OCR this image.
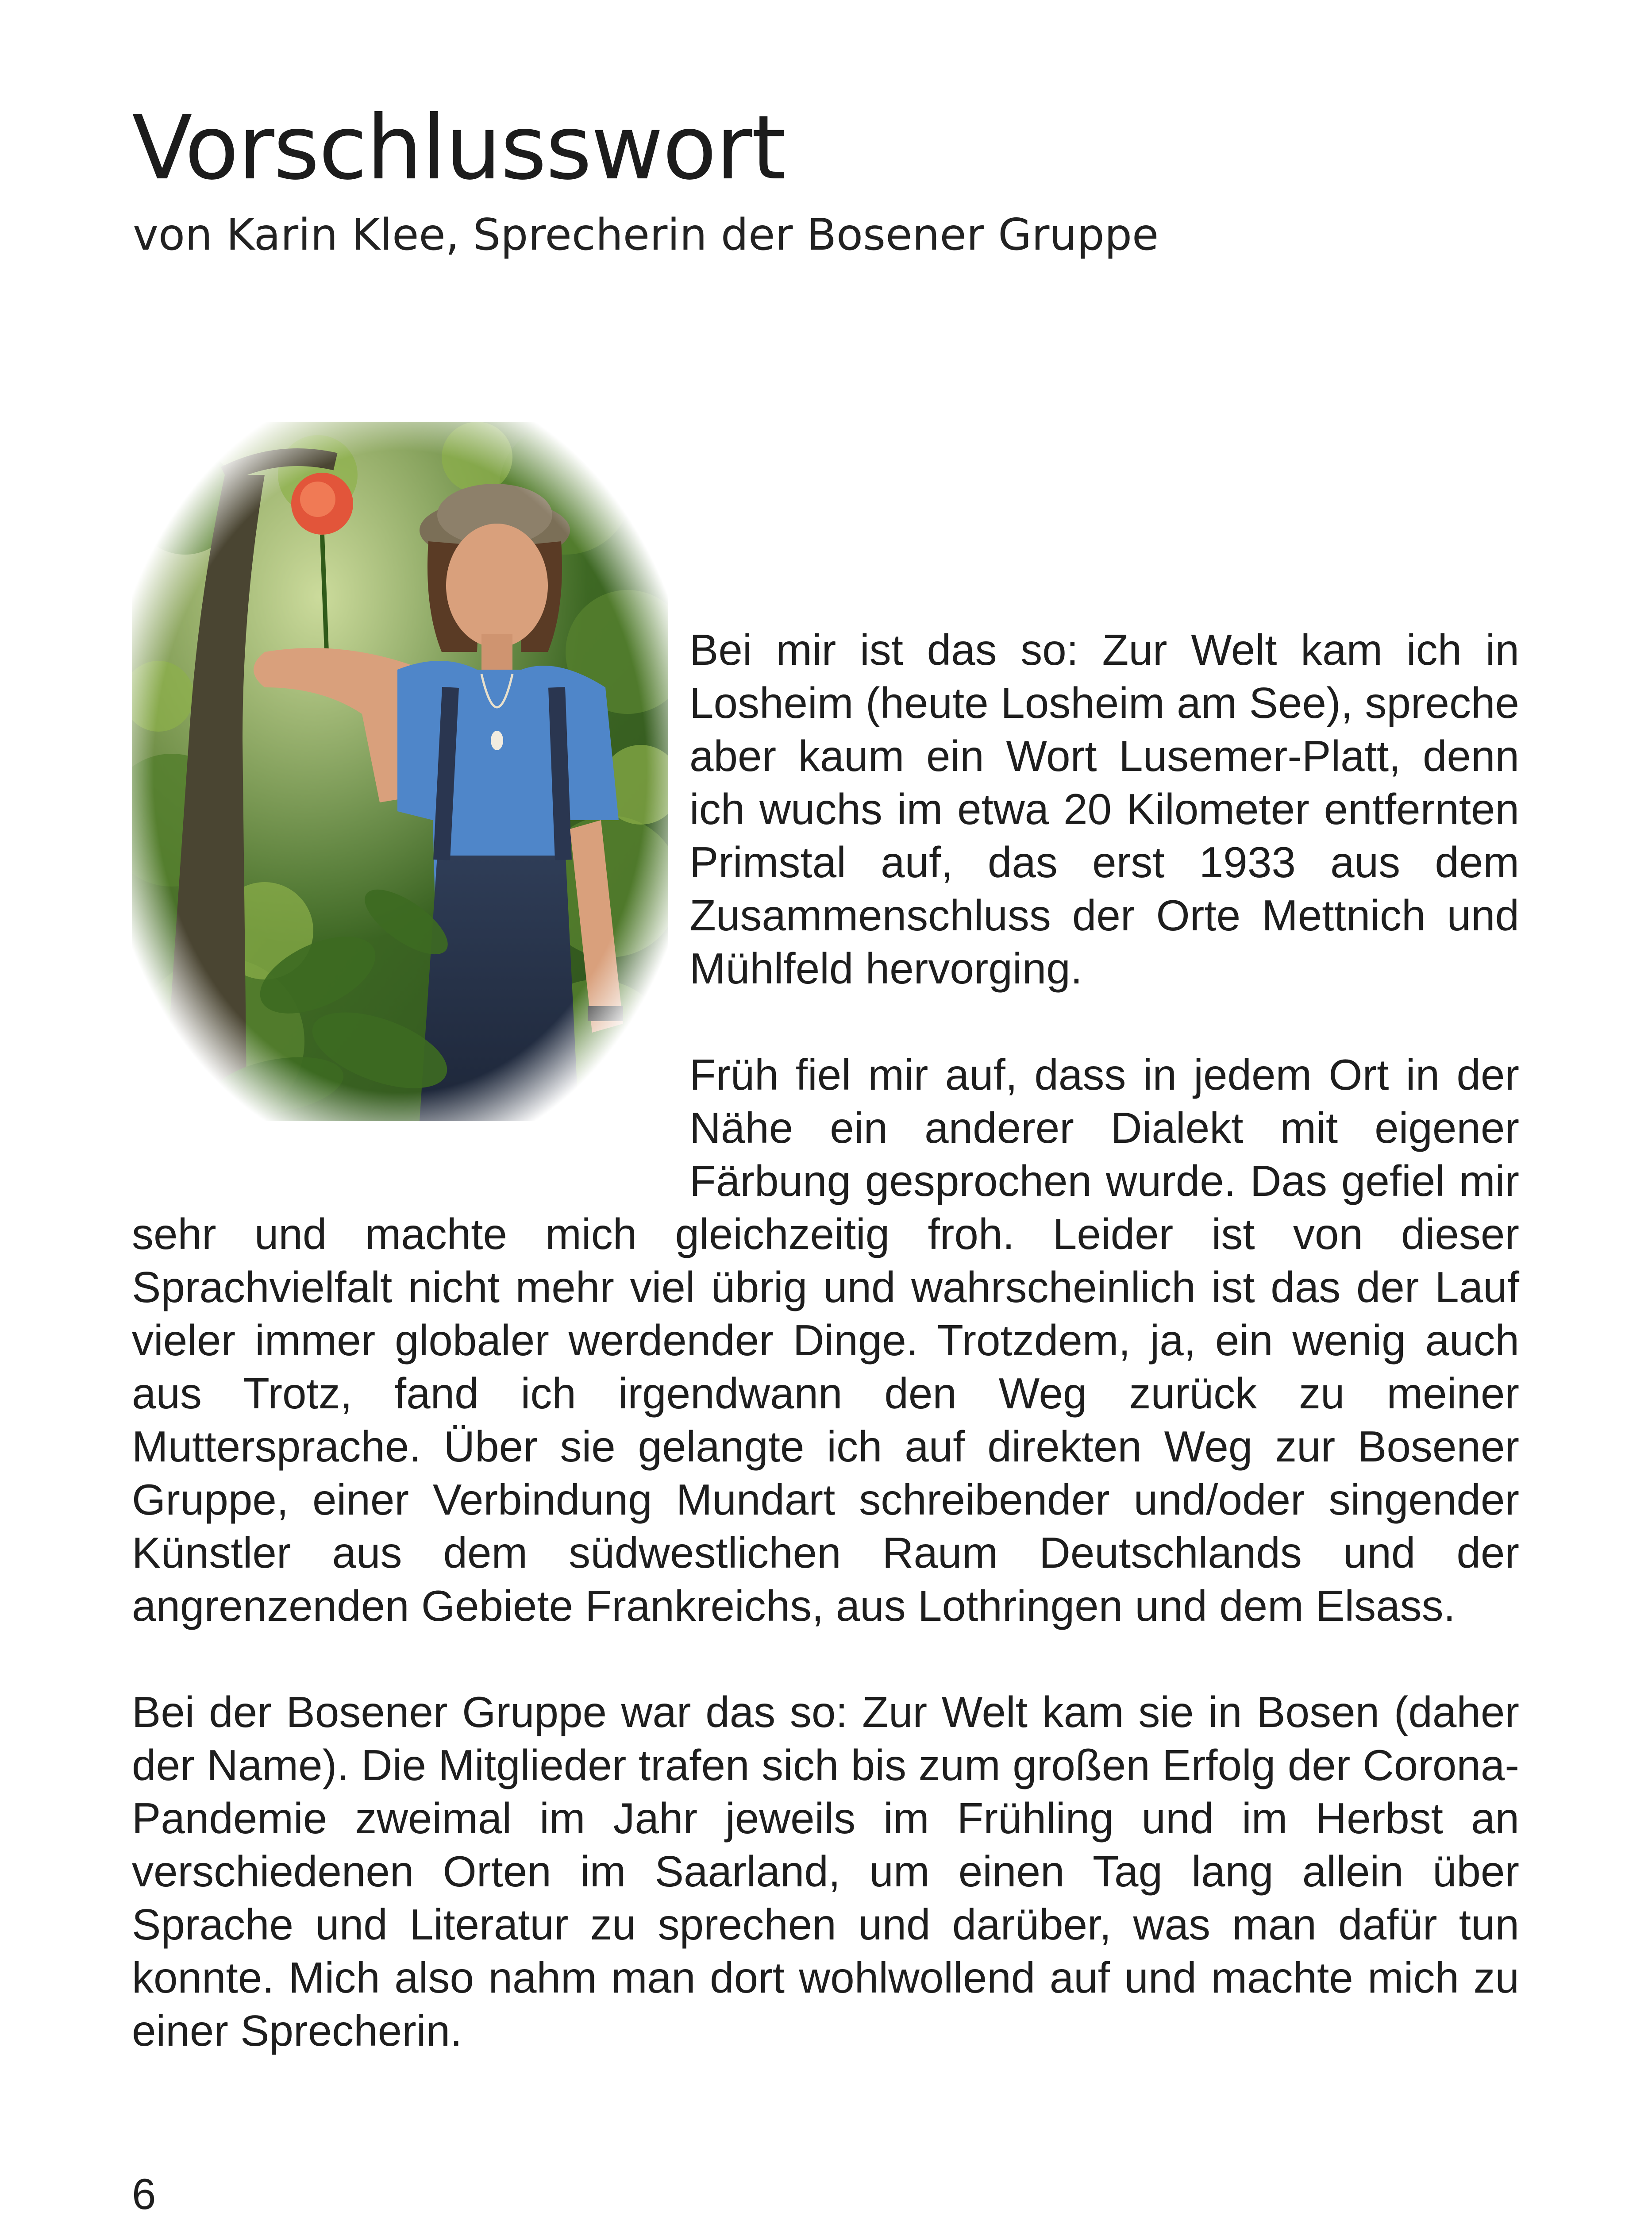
Vorschlusswort
von Karin Klee, Sprecherin der Bosener Gruppe

Bei mir ist das so: Zur Welt kam ich in Losheim (heute Losheim am See), spreche aber kaum ein Wort Lusemer-Platt, denn ich wuchs im etwa 20 Kilometer entfernten Primstal auf, das erst 1933 aus dem Zusammenschluss der Orte Mettnich und Mühlfeld hervorging.

Früh fiel mir auf, dass in jedem Ort in der Nähe ein anderer Dialekt mit eigener Färbung gesprochen wurde. Das gefiel mir sehr und machte mich gleichzeitig froh. Leider ist von dieser Sprachvielfalt nicht mehr viel übrig und wahrscheinlich ist das der Lauf vieler immer globaler werdender Dinge. Trotzdem, ja, ein wenig auch aus Trotz, fand ich irgendwann den Weg zurück zu meiner Muttersprache. Über sie gelangte ich auf direkten Weg zur Bosener Gruppe, einer Verbindung Mundart schreibender und/oder singender Künstler aus dem südwestlichen Raum Deutschlands und der angrenzenden Gebiete Frankreichs, aus Lothringen und dem Elsass.

Bei der Bosener Gruppe war das so: Zur Welt kam sie in Bosen (daher der Name). Die Mitglieder trafen sich bis zum großen Erfolg der Corona-Pandemie zweimal im Jahr jeweils im Frühling und im Herbst an verschiedenen Orten im Saarland, um einen Tag lang allein über Sprache und Literatur zu sprechen und darüber, was man dafür tun konnte. Mich also nahm man dort wohlwollend auf und machte mich zu einer Sprecherin.

6
